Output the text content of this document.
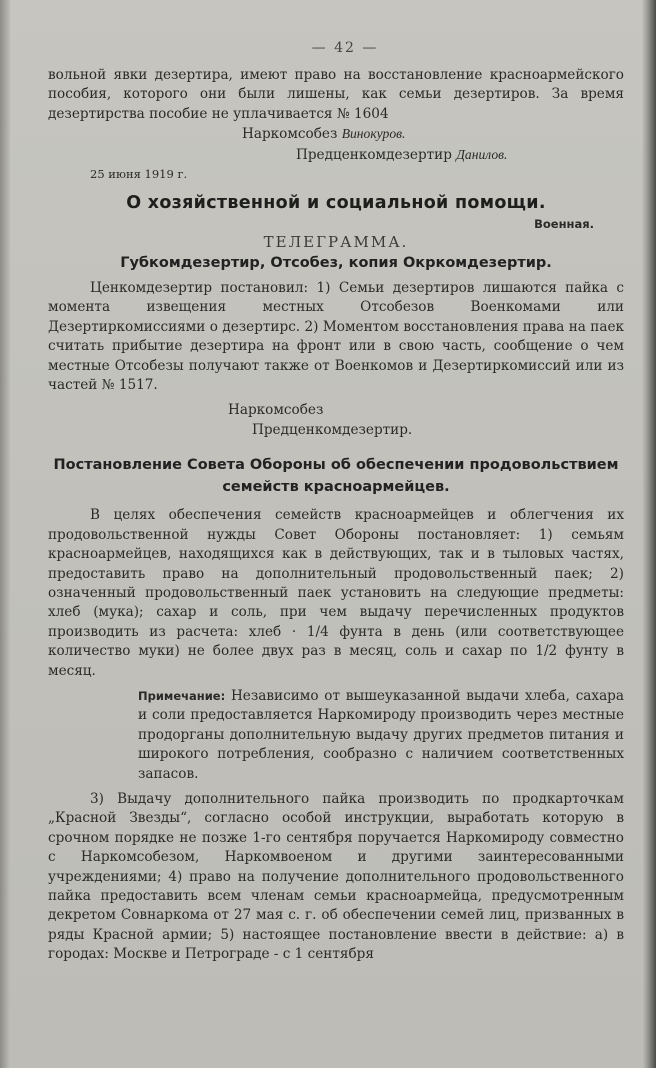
— 42 —

вольной явки дезертира, имеют право на восстановление красноармейского пособия, которого они были лишены, как семьи дезертиров. За время дезертирства пособие не уплачивается № 1604

Наркомсобез Винокуров.
Предценкомдезертир Данилов.
25 июня 1919 г.
О хозяйственной и социальной помощи.
Военная.
ТЕЛЕГРАММА.
Губкомдезертир, Отсобез, копия Окркомдезертир.

Ценкомдезертир постановил: 1) Семьи дезертиров лишаются пайка с момента извещения местных Отсобезов Военкомами или Дезертиркомиссиями о дезертирс. 2) Моментом восстановления права на паек считать прибытие дезертира на фронт или в свою часть, сообщение о чем местные Отсобезы получают также от Военкомов и Дезертиркомиссий или из частей № 1517.

Наркомсобез
Предценкомдезертир.
Постановление Совета Обороны об обеспечении продовольствием семейств красноармейцев.

В целях обеспечения семейств красноармейцев и облегчения их продовольственной нужды Совет Обороны постановляет: 1) семьям красноармейцев, находящихся как в действующих, так и в тыловых частях, предоставить право на дополнительный продовольственный паек; 2) означенный продовольственный паек установить на следующие предметы: хлеб (мука); сахар и соль, при чем выдачу перечисленных продуктов производить из расчета: хлеб · 1/4 фунта в день (или соответствующее количество муки) не более двух раз в месяц, соль и сахар по 1/2 фунту в месяц.

Примечание: Независимо от вышеуказанной выдачи хлеба, сахара и соли предоставляется Наркомироду производить через местные продорганы дополнительную выдачу других предметов питания и широкого потребления, сообразно с наличием соответственных запасов.

3) Выдачу дополнительного пайка производить по продкарточкам „Красной Звезды“, согласно особой инструкции, выработать которую в срочном порядке не позже 1-го сентября поручается Наркомироду совместно с Наркомсобезом, Наркомвоеном и другими заинтересованными учреждениями; 4) право на получение дополнительного продовольственного пайка предоставить всем членам семьи красноармейца, предусмотренным декретом Совнаркома от 27 мая с. г. об обеспечении семей лиц, призванных в ряды Красной армии; 5) настоящее постановление ввести в действие: а) в городах: Москве и Петрограде - с 1 сентября
